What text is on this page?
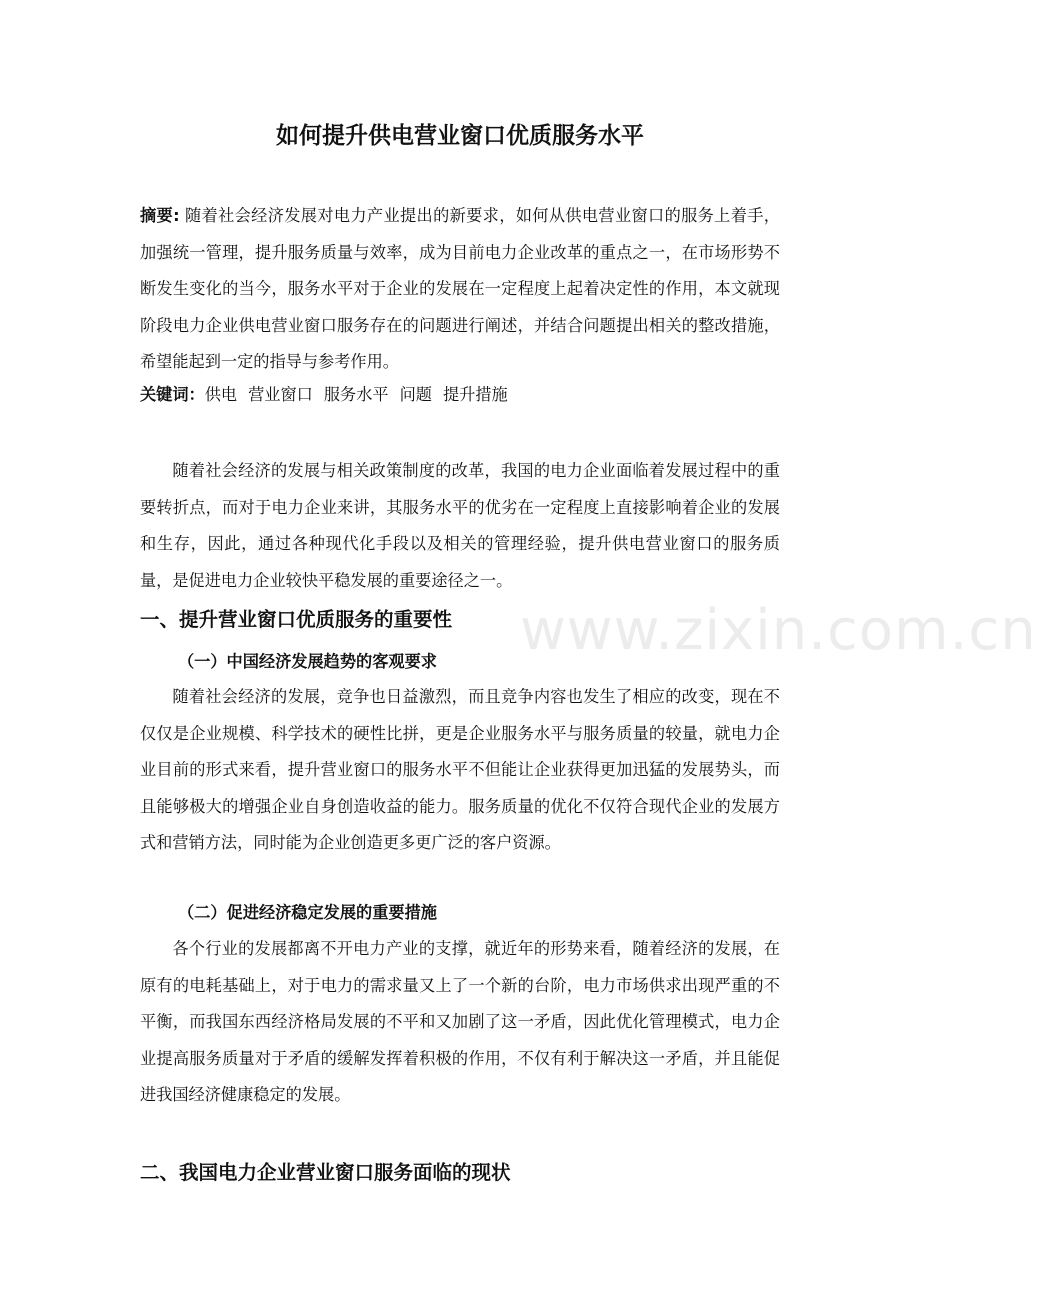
如何提升供电营业窗口优质服务水平

摘要: 随着社会经济发展对电力产业提出的新要求，如何从供电营业窗口的服务上着手，加强统一管理，提升服务质量与效率，成为目前电力企业改革的重点之一，在市场形势不断发生变化的当今，服务水平对于企业的发展在一定程度上起着决定性的作用，本文就现阶段电力企业供电营业窗口服务存在的问题进行阐述，并结合问题提出相关的整改措施，希望能起到一定的指导与参考作用。

关键词：供电 营业窗口 服务水平 问题 提升措施

随着社会经济的发展与相关政策制度的改革，我国的电力企业面临着发展过程中的重要转折点，而对于电力企业来讲，其服务水平的优劣在一定程度上直接影响着企业的发展和生存，因此，通过各种现代化手段以及相关的管理经验，提升供电营业窗口的服务质量，是促进电力企业较快平稳发展的重要途径之一。

一、提升营业窗口优质服务的重要性
（一）中国经济发展趋势的客观要求

随着社会经济的发展，竞争也日益激烈，而且竞争内容也发生了相应的改变，现在不仅仅是企业规模、科学技术的硬性比拼，更是企业服务水平与服务质量的较量，就电力企业目前的形式来看，提升营业窗口的服务水平不但能让企业获得更加迅猛的发展势头，而且能够极大的增强企业自身创造收益的能力。服务质量的优化不仅符合现代企业的发展方式和营销方法，同时能为企业创造更多更广泛的客户资源。

（二）促进经济稳定发展的重要措施

各个行业的发展都离不开电力产业的支撑，就近年的形势来看，随着经济的发展，在原有的电耗基础上，对于电力的需求量又上了一个新的台阶，电力市场供求出现严重的不平衡，而我国东西经济格局发展的不平和又加剧了这一矛盾，因此优化管理模式，电力企业提高服务质量对于矛盾的缓解发挥着积极的作用，不仅有利于解决这一矛盾，并且能促进我国经济健康稳定的发展。

二、我国电力企业营业窗口服务面临的现状
www.zixin.com.cn
